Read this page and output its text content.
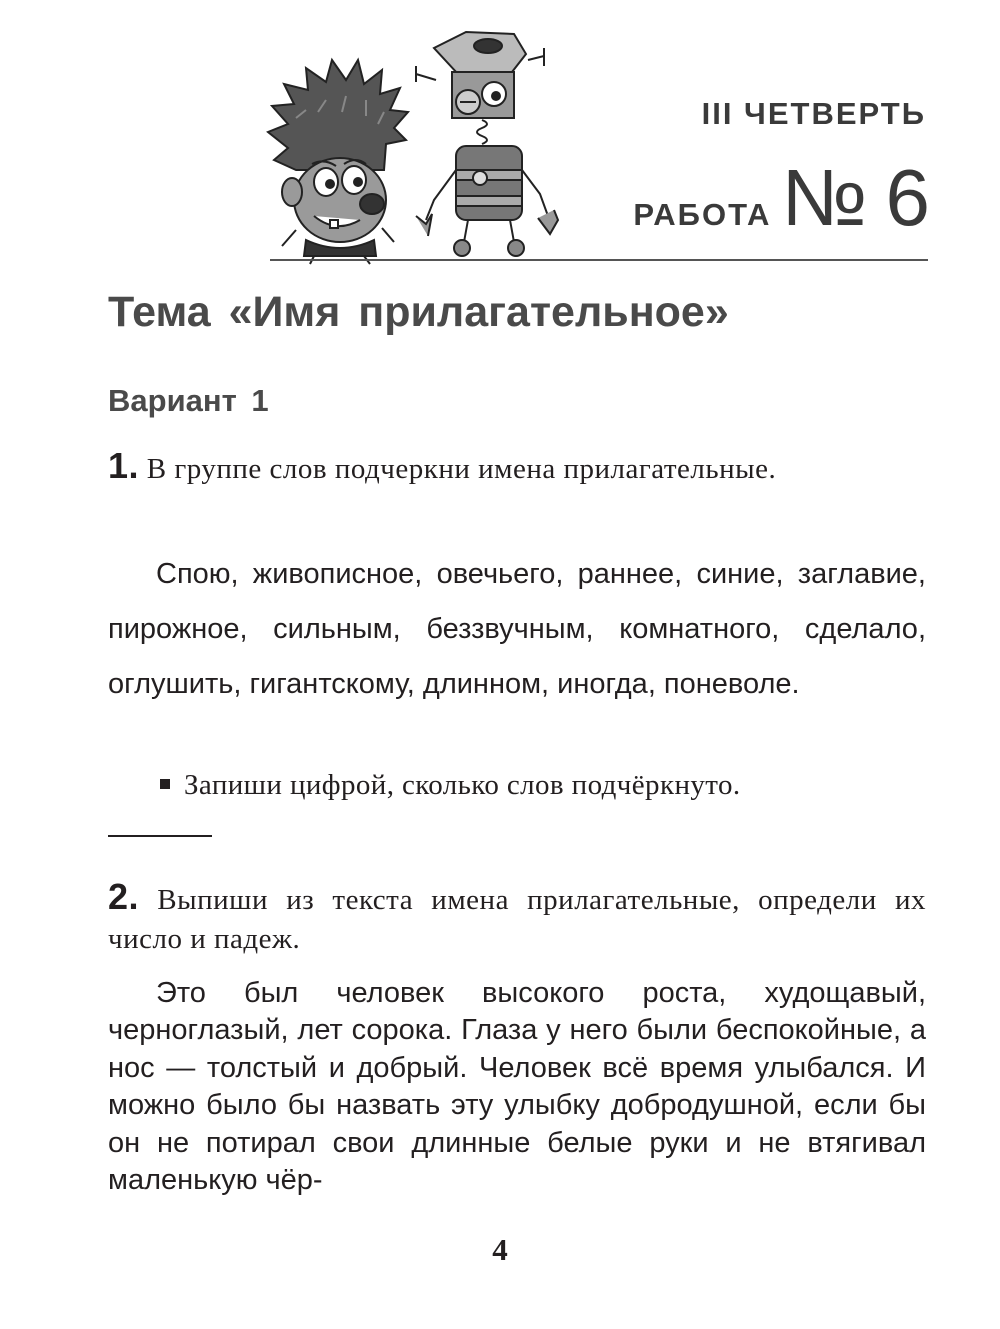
III ЧЕТВЕРТЬ
РАБОТА № 6
Тема «Имя прилагательное»
Вариант 1
1. В группе слов подчеркни имена прилагательные.
Спою, живописное, овечьего, раннее, синие, заглавие, пирожное, сильным, беззвучным, комнатного, сделало, оглушить, гигантскому, длинном, иногда, поневоле.
Запиши цифрой, сколько слов подчёркнуто.
2. Выпиши из текста имена прилагательные, определи их число и падеж.
Это был человек высокого роста, худощавый, черноглазый, лет сорока. Глаза у него были беспокойные, а нос — толстый и добрый. Человек всё время улыбался. И можно было бы назвать эту улыбку добродушной, если бы он не потирал свои длинные белые руки и не втягивал маленькую чёр-
4
